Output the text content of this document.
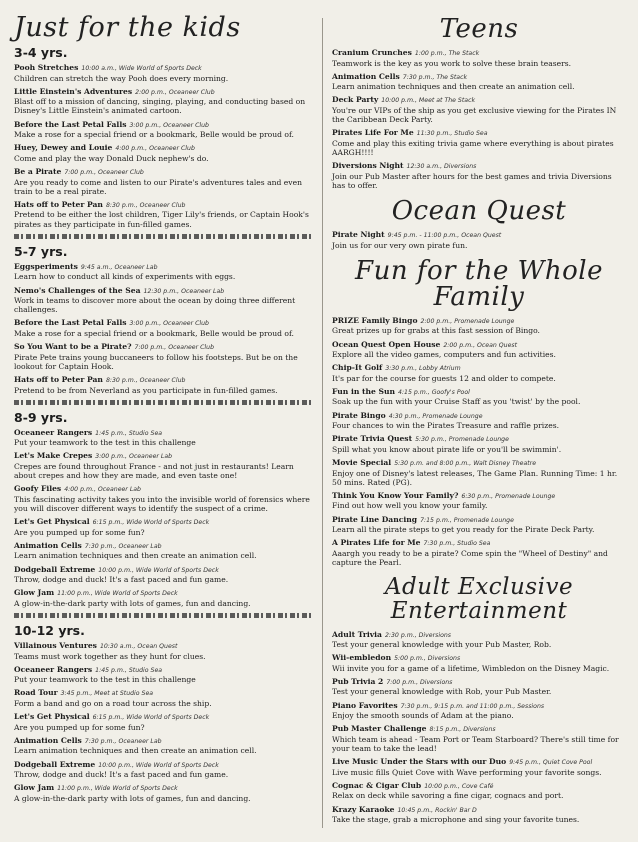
Just for the kids
3-4 yrs.
Pooh Stretches 10:00 a.m., Wide World of Sports Deck
Children can stretch the way Pooh does every morning.
Little Einstein's Adventures 2:00 p.m., Oceaneer Club
Blast off to a mission of dancing, singing, playing, and conducting based on Disney's Little Einstein's animated cartoon.
Before the Last Petal Falls 3:00 p.m., Oceaneer Club
Make a rose for a special friend or a bookmark, Belle would be proud of.
Huey, Dewey and Louie 4:00 p.m., Oceaneer Club
Come and play the way Donald Duck nephew's do.
Be a Pirate 7:00 p.m., Oceaneer Club
Are you ready to come and listen to our Pirate's adventures tales and even train to be a real pirate.
Hats off to Peter Pan 8:30 p.m., Oceaneer Club
Pretend to be either the lost children, Tiger Lily's friends, or Captain Hook's pirates as they participate in fun-filled games.
5-7 yrs.
Eggsperiments 9:45 a.m., Oceaneer Lab
Learn how to conduct all kinds of experiments with eggs.
Nemo's Challenges of the Sea 12:30 p.m., Oceaneer Lab
Work in teams to discover more about the ocean by doing three different challenges.
Before the Last Petal Falls 3:00 p.m., Oceaneer Club
Make a rose for a special friend or a bookmark, Belle would be proud of.
So You Want to be a Pirate? 7:00 p.m., Oceaneer Club
Pirate Pete trains young buccaneers to follow his footsteps. But be on the lookout for Captain Hook.
Hats off to Peter Pan 8:30 p.m., Oceaneer Club
Pretend to be from Neverland as you participate in fun-filled games.
8-9 yrs.
Oceaneer Rangers 1:45 p.m., Studio Sea
Put your teamwork to the test in this challenge
Let's Make Crepes 3:00 p.m., Oceaneer Lab
Crepes are found throughout France - and not just in restaurants! Learn about crepes and how they are made, and even taste one!
Goofy Files 4:00 p.m., Oceaneer Lab
This fascinating activity takes you into the invisible world of forensics where you will discover different ways to identify the suspect of a crime.
Let's Get Physical 6:15 p.m., Wide World of Sports Deck
Are you pumped up for some fun?
Animation Cells 7:30 p.m., Oceaneer Lab
Learn animation techniques and then create an animation cell.
Dodgeball Extreme 10:00 p.m., Wide World of Sports Deck
Throw, dodge and duck! It's a fast paced and fun game.
Glow Jam 11:00 p.m., Wide World of Sports Deck
A glow-in-the-dark party with lots of games, fun and dancing.
10-12 yrs.
Villainous Ventures 10:30 a.m., Ocean Quest
Teams must work together as they hunt for clues.
Oceaneer Rangers 1:45 p.m., Studio Sea
Put your teamwork to the test in this challenge
Road Tour 3:45 p.m., Meet at Studio Sea
Form a band and go on a road tour across the ship.
Let's Get Physical 6:15 p.m., Wide World of Sports Deck
Are you pumped up for some fun?
Animation Cells 7:30 p.m., Oceaneer Lab
Learn animation techniques and then create an animation cell.
Dodgeball Extreme 10:00 p.m., Wide World of Sports Deck
Throw, dodge and duck! It's a fast paced and fun game.
Glow Jam 11:00 p.m., Wide World of Sports Deck
A glow-in-the-dark party with lots of games, fun and dancing.
Teens
Cranium Crunches 1:00 p.m., The Stack
Teamwork is the key as you work to solve these brain teasers.
Animation Cells 7:30 p.m., The Stack
Learn animation techniques and then create an animation cell.
Deck Party 10:00 p.m., Meet at The Stack
You're our VIPs of the ship as you get exclusive viewing for the Pirates IN the Caribbean Deck Party.
Pirates Life For Me 11:30 p.m., Studio Sea
Come and play this exiting trivia game where everything is about pirates AARGH!!!!
Diversions Night 12:30 a.m., Diversions
Join our Pub Master after hours for the best games and trivia Diversions has to offer.
Ocean Quest
Pirate Night 9:45 p.m. - 11:00 p.m., Ocean Quest
Join us for our very own pirate fun.
Fun for the Whole Family
PRIZE Family Bingo 2:00 p.m., Promenade Lounge
Great prizes up for grabs at this fast session of Bingo.
Ocean Quest Open House 2:00 p.m., Ocean Quest
Explore all the video games, computers and fun activities.
Chip-It Golf 3:30 p.m., Lobby Atrium
It's par for the course for guests 12 and older to compete.
Fun in the Sun 4:15 p.m., Goofy's Pool
Soak up the fun with your Cruise Staff as you 'twist' by the pool.
Pirate Bingo 4:30 p.m., Promenade Lounge
Four chances to win the Pirates Treasure and raffle prizes.
Pirate Trivia Quest 5:30 p.m., Promenade Lounge
Spill what you know about pirate life or you'll be swimmin'.
Movie Special 5:30 p.m. and 8:00 p.m., Walt Disney Theatre
Enjoy one of Disney's latest releases, The Game Plan. Running Time: 1 hr. 50 mins. Rated (PG).
Think You Know Your Family? 6:30 p.m., Promenade Lounge
Find out how well you know your family.
Pirate Line Dancing 7:15 p.m., Promenade Lounge
Learn all the pirate steps to get you ready for the Pirate Deck Party.
A Pirates Life for Me 7:30 p.m., Studio Sea
Aaargh you ready to be a pirate? Come spin the "Wheel of Destiny" and capture the Pearl.
Adult Exclusive
Entertainment
Adult Trivia 2:30 p.m., Diversions
Test your general knowledge with your Pub Master, Rob.
Wii-embledon 5:00 p.m., Diversions
Wii invite you for a game of a lifetime, Wimbledon on the Disney Magic.
Pub Trivia 2 7:00 p.m., Diversions
Test your general knowledge with Rob, your Pub Master.
Piano Favorites 7:30 p.m., 9:15 p.m. and 11:00 p.m., Sessions
Enjoy the smooth sounds of Adam at the piano.
Pub Master Challenge 8:15 p.m., Diversions
Which team is ahead - Team Port or Team Starboard? There's still time for your team to take the lead!
Live Music Under the Stars with our Duo 9:45 p.m., Quiet Cove Pool
Live music fills Quiet Cove with Wave performing your favorite songs.
Cognac & Cigar Club 10:00 p.m., Cove Café
Relax on deck while savoring a fine cigar, cognacs and port.
Krazy Karaoke 10:45 p.m., Rockin' Bar D
Take the stage, grab a microphone and sing your favorite tunes.
